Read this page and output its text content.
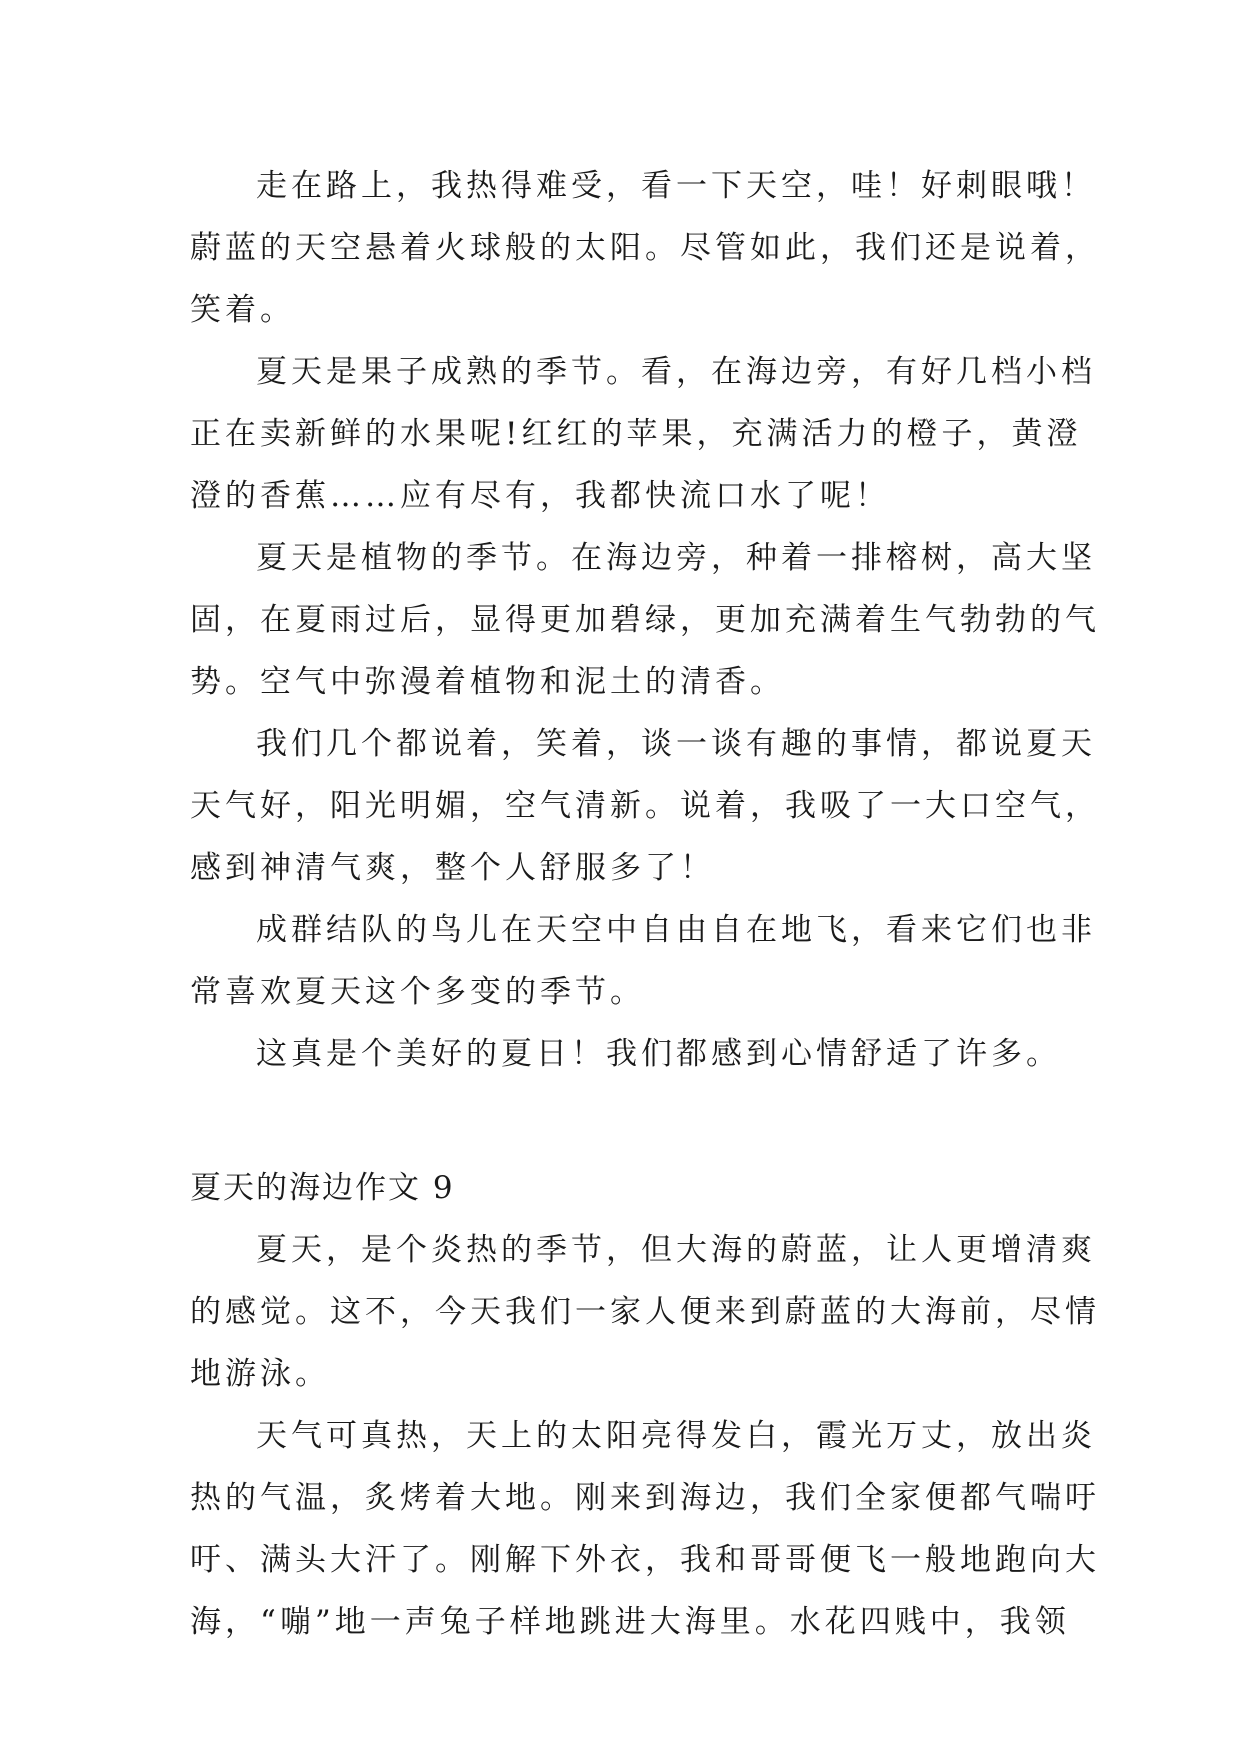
走在路上，我热得难受，看一下天空，哇！好刺眼哦！
蔚蓝的天空悬着火球般的太阳。尽管如此，我们还是说着，
笑着。
夏天是果子成熟的季节。看，在海边旁，有好几档小档
正在卖新鲜的水果呢!红红的苹果，充满活力的橙子，黄澄
澄的香蕉……应有尽有，我都快流口水了呢！
夏天是植物的季节。在海边旁，种着一排榕树，高大坚
固，在夏雨过后，显得更加碧绿，更加充满着生气勃勃的气
势。空气中弥漫着植物和泥土的清香。
我们几个都说着，笑着，谈一谈有趣的事情，都说夏天
天气好，阳光明媚，空气清新。说着，我吸了一大口空气，
感到神清气爽，整个人舒服多了！
成群结队的鸟儿在天空中自由自在地飞，看来它们也非
常喜欢夏天这个多变的季节。
这真是个美好的夏日！我们都感到心情舒适了许多。
夏天的海边作文 9
夏天，是个炎热的季节，但大海的蔚蓝，让人更增清爽
的感觉。这不，今天我们一家人便来到蔚蓝的大海前，尽情
地游泳。
天气可真热，天上的太阳亮得发白，霞光万丈，放出炎
热的气温，炙烤着大地。刚来到海边，我们全家便都气喘吁
吁、满头大汗了。刚解下外衣，我和哥哥便飞一般地跑向大
海，“嘣”地一声兔子样地跳进大海里。水花四贱中，我领
